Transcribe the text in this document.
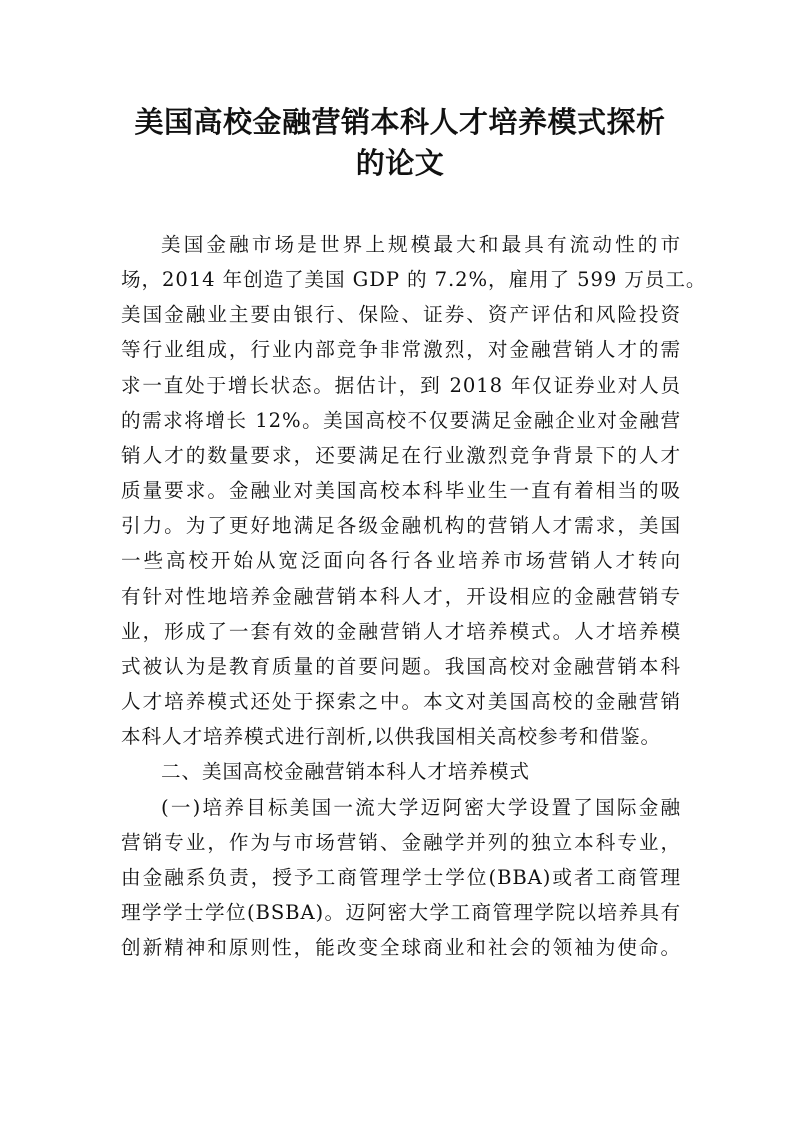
美国高校金融营销本科人才培养模式探析
的论文
美国金融市场是世界上规模最大和最具有流动性的市
场，2014 年创造了美国 GDP 的 7.2%，雇用了 599 万员工。
美国金融业主要由银行、保险、证券、资产评估和风险投资
等行业组成，行业内部竞争非常激烈，对金融营销人才的需
求一直处于增长状态。据估计，到 2018 年仅证券业对人员
的需求将增长 12%。美国高校不仅要满足金融企业对金融营
销人才的数量要求，还要满足在行业激烈竞争背景下的人才
质量要求。金融业对美国高校本科毕业生一直有着相当的吸
引力。为了更好地满足各级金融机构的营销人才需求，美国
一些高校开始从宽泛面向各行各业培养市场营销人才转向
有针对性地培养金融营销本科人才，开设相应的金融营销专
业，形成了一套有效的金融营销人才培养模式。人才培养模
式被认为是教育质量的首要问题。我国高校对金融营销本科
人才培养模式还处于探索之中。本文对美国高校的金融营销
本科人才培养模式进行剖析,以供我国相关高校参考和借鉴。
二、美国高校金融营销本科人才培养模式
(一)培养目标美国一流大学迈阿密大学设置了国际金融
营销专业，作为与市场营销、金融学并列的独立本科专业，
由金融系负责，授予工商管理学士学位(BBA)或者工商管理
理学学士学位(BSBA)。迈阿密大学工商管理学院以培养具有
创新精神和原则性，能改变全球商业和社会的领袖为使命。
